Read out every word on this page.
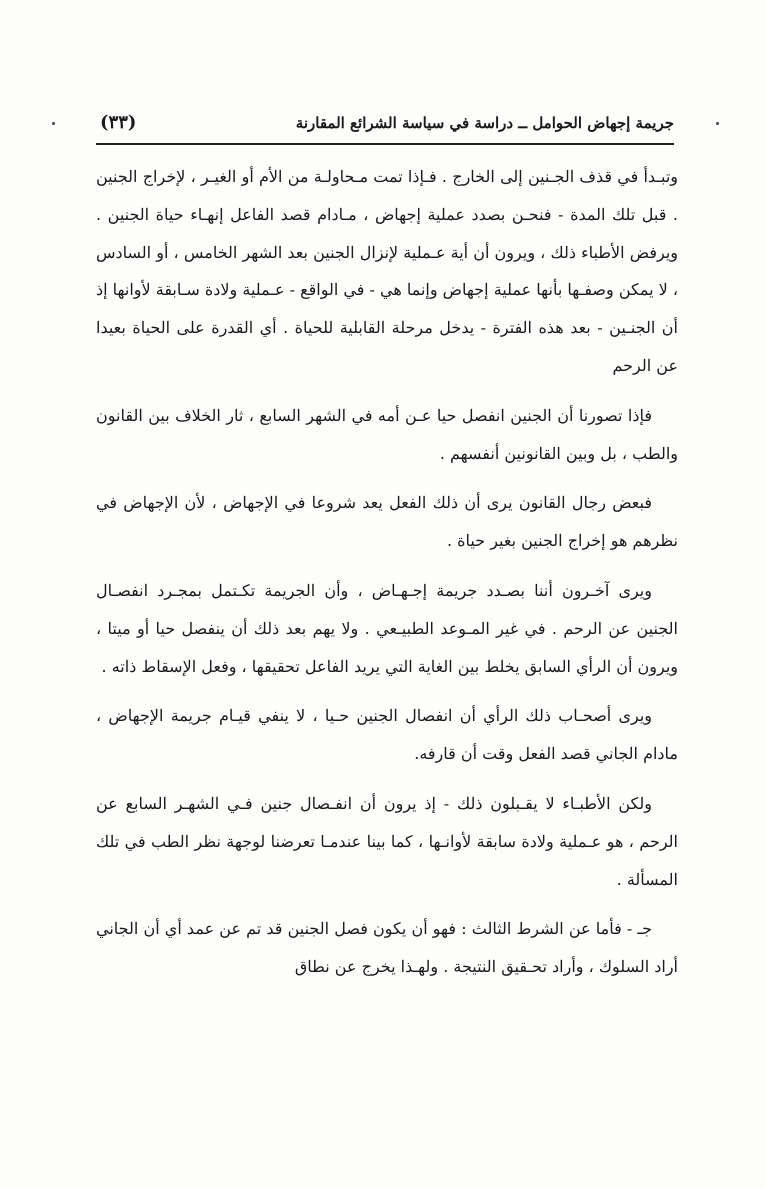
جريمة إجهاض الحوامل ــ دراسة في سياسة الشرائع المقارنة
(٣٣)

وتبـدأ في قذف الجـنين إلى الخارج . فـإذا تمت مـحاولـة من الأم أو الغيـر ، لإخراج الجنين . قبل تلك المدة - فنحـن بصدد عملية إجهاض ، مـادام قصد الفاعل إنهـاء حياة الجنين . ويرفض الأطباء ذلك ، ويرون أن أية عـملية لإنزال الجنين بعد الشهر الخامس ، أو السادس ، لا يمكن وصفـها بأنها عملية إجهاض وإنما هي - في الواقع - عـملية ولادة سـابقة لأوانها إذ أن الجنـين - بعد هذه الفترة - يدخل مرحلة القابلية للحياة . أي القدرة على الحياة بعيدا عن الرحم

فإذا تصورنا أن الجنين انفصل حيا عـن أمه في الشهر السابع ، ثار الخلاف بين القانون والطب ، بل وبين القانونين أنفسهم .

فبعض رجال القانون يرى أن ذلك الفعل يعد شروعا في الإجهاض ، لأن الإجهاض في نظرهم هو إخراج الجنين بغير حياة .

ويرى آخـرون أننا بصـدد جريمة إجـهـاض ، وأن الجريمة تكـتمل بمجـرد انفصـال الجنين عن الرحم . في غير المـوعد الطبيـعي . ولا يهم بعد ذلك أن ينفصل حيا أو ميتا ، ويرون أن الرأي السابق يخلط بين الغاية التي يريد الفاعل تحقيقها ، وفعل الإسقاط ذاته .

ويرى أصحـاب ذلك الرأي أن انفصال الجنين حـيا ، لا ينفي قيـام جريمة الإجهاض ، مادام الجاني قصد الفعل وقت أن قارفه.

ولكن الأطبـاء لا يقـبلون ذلك - إذ يرون أن انفـصال جنين فـي الشهـر السابع عن الرحم ، هو عـملية ولادة سابقة لأوانـها ، كما بينا عندمـا تعرضنا لوجهة نظر الطب في تلك المسألة .

جـ - فأما عن الشرط الثالث : فهو أن يكون فصل الجنين قد تم عن عمد أي أن الجاني أراد السلوك ، وأراد تحـقيق النتيجة . ولهـذا يخرج عن نطاق
